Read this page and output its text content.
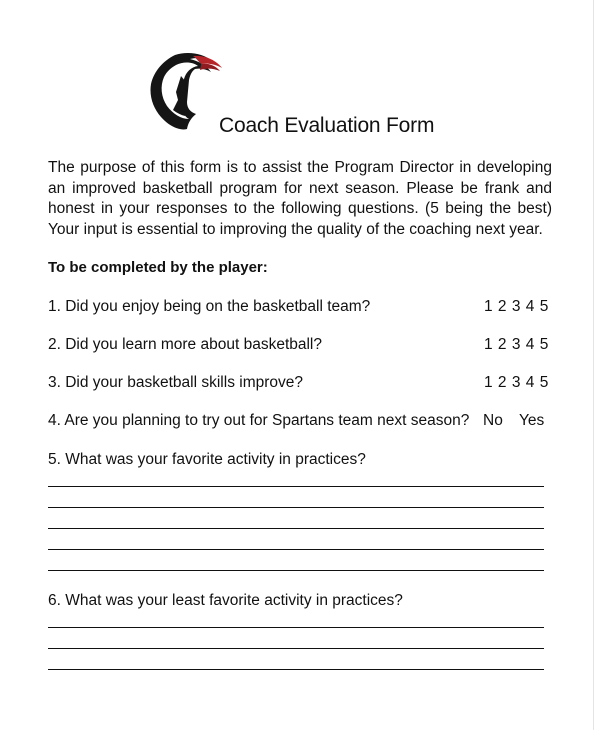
Coach Evaluation Form

The purpose of this form is to assist the Program Director in developing an improved basketball program for next season. Please be frank and honest in your responses to the following questions. (5 being the best) Your input is essential to improving the quality of the coaching next year.

To be completed by the player:
1. Did you enjoy being on the basketball team?	1 2 3 4 5
2. Did you learn more about basketball?	1 2 3 4 5
3. Did your basketball skills improve?	1 2 3 4 5
4. Are you planning to try out for Spartans team next season? No Yes
5. What was your favorite activity in practices?
6. What was your least favorite activity in practices?
